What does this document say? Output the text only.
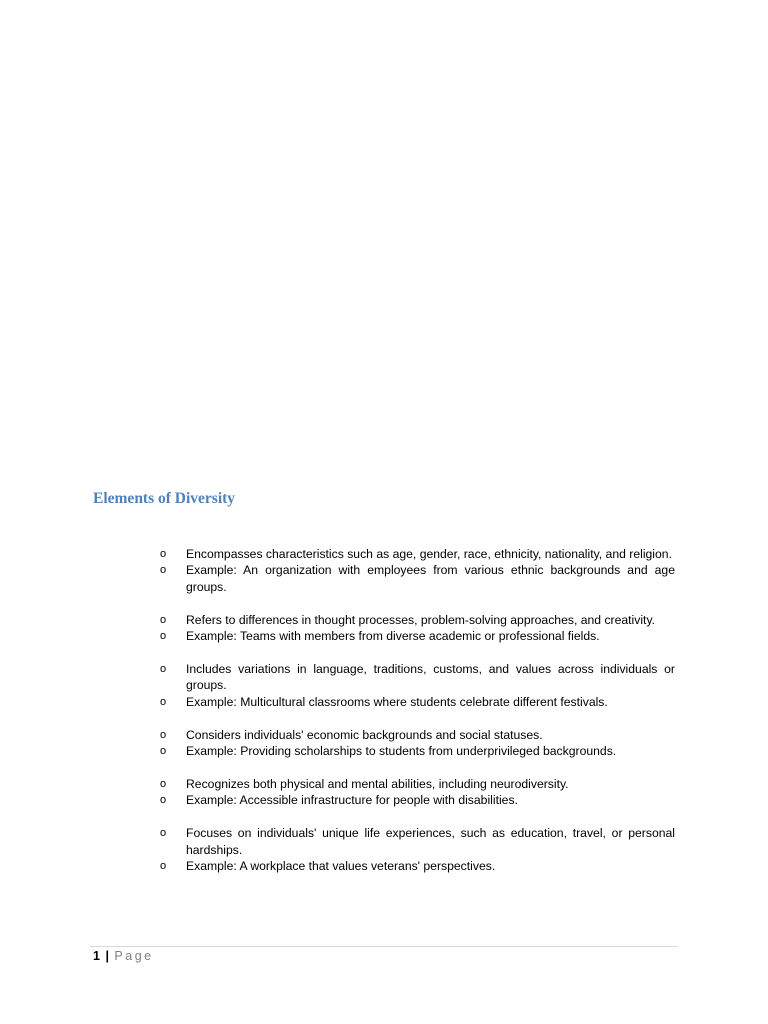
Elements of Diversity
o Encompasses characteristics such as age, gender, race, ethnicity, nationality, and religion.
o Example: An organization with employees from various ethnic backgrounds and age groups.
o Refers to differences in thought processes, problem-solving approaches, and creativity.
o Example: Teams with members from diverse academic or professional fields.
o Includes variations in language, traditions, customs, and values across individuals or groups.
o Example: Multicultural classrooms where students celebrate different festivals.
o Considers individuals' economic backgrounds and social statuses.
o Example: Providing scholarships to students from underprivileged backgrounds.
o Recognizes both physical and mental abilities, including neurodiversity.
o Example: Accessible infrastructure for people with disabilities.
o Focuses on individuals' unique life experiences, such as education, travel, or personal hardships.
o Example: A workplace that values veterans' perspectives.
1 | Page
